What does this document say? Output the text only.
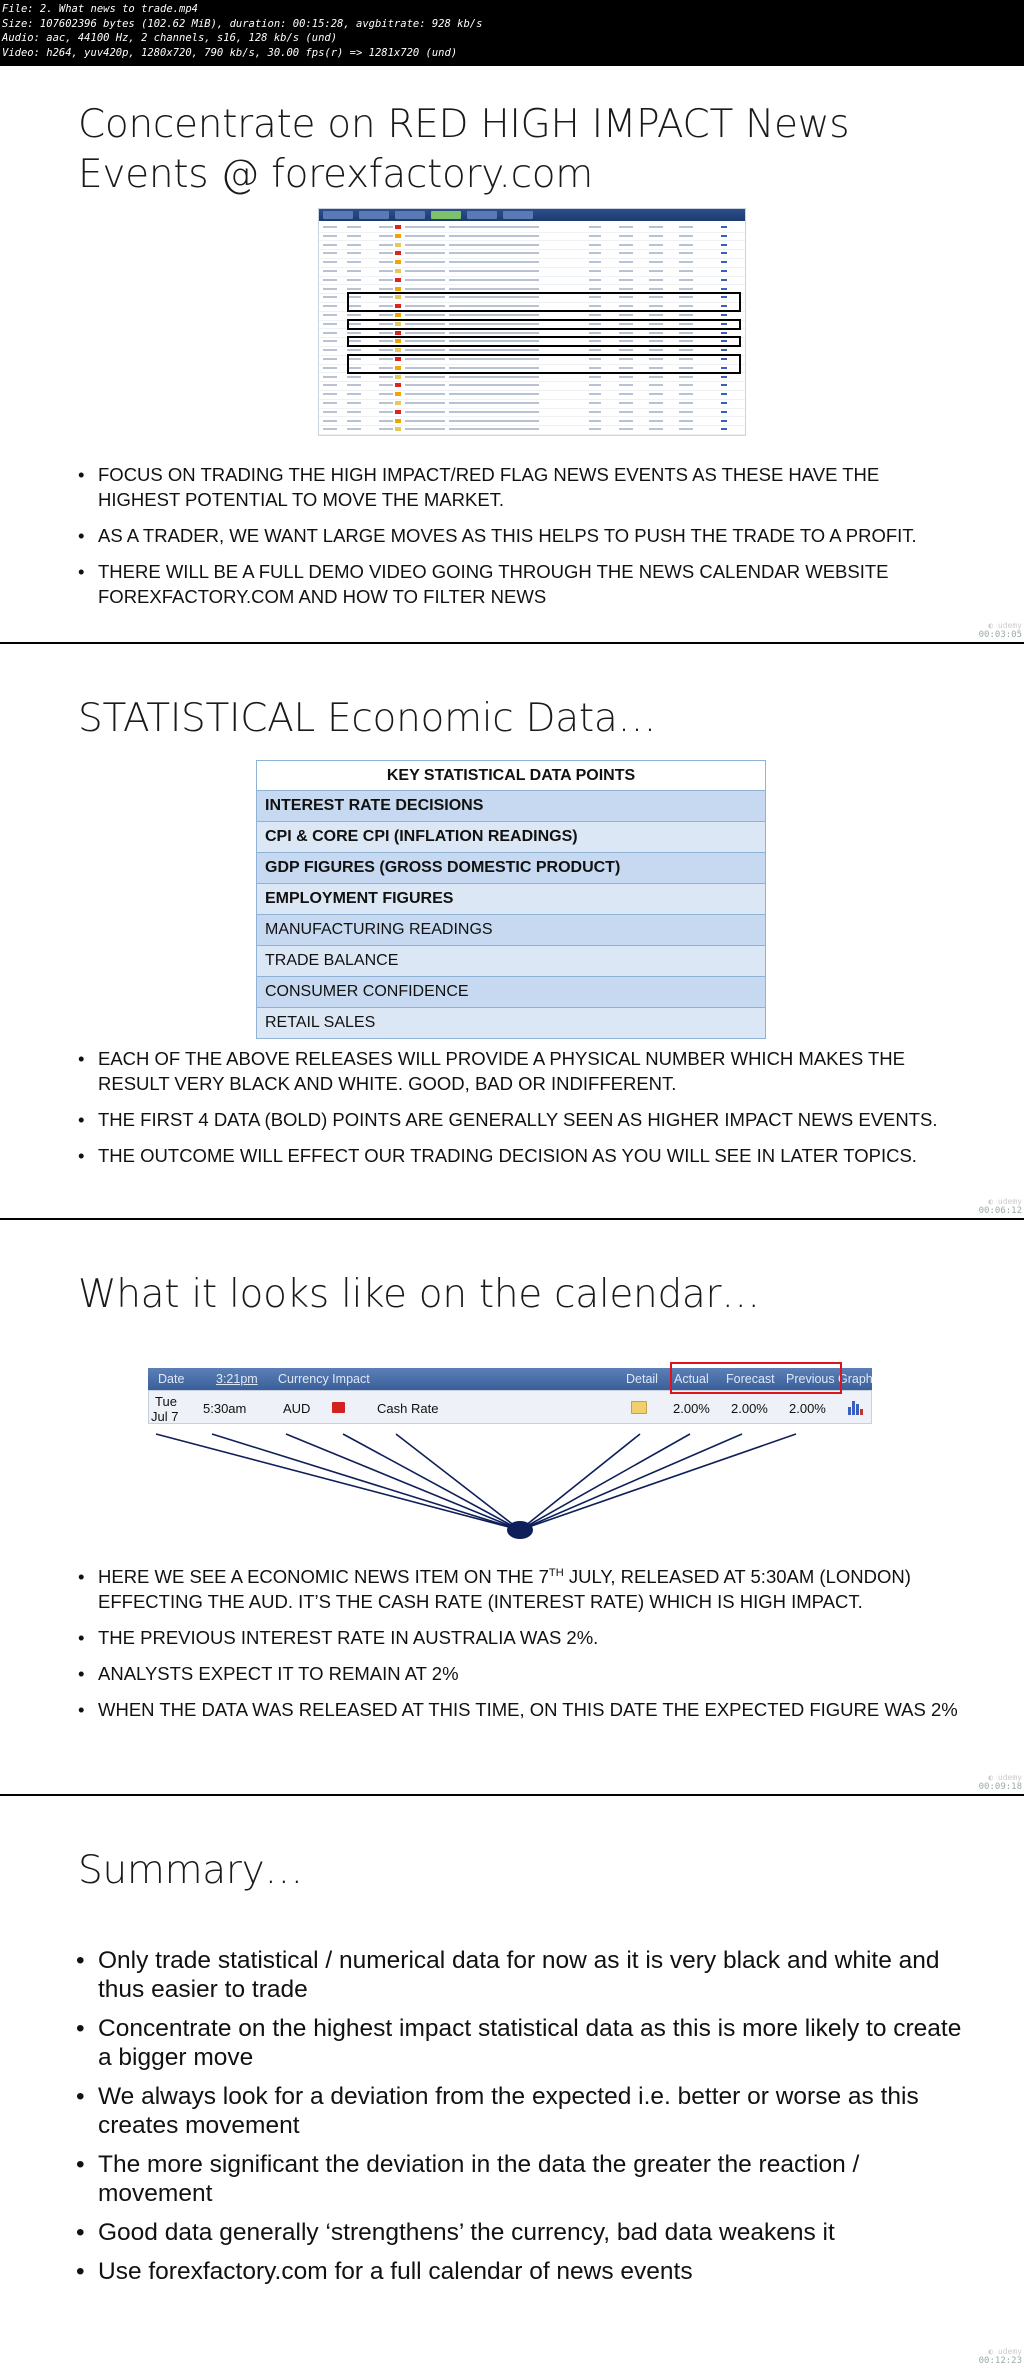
File: 2. What news to trade.mp4
Size: 107602396 bytes (102.62 MiB), duration: 00:15:28, avgbitrate: 928 kb/s
Audio: aac, 44100 Hz, 2 channels, s16, 128 kb/s (und)
Video: h264, yuv420p, 1280x720, 790 kb/s, 30.00 fps(r) => 1281x720 (und)
Concentrate on RED HIGH IMPACT News
Events @ forexfactory.com
• FOCUS ON TRADING THE HIGH IMPACT/RED FLAG NEWS EVENTS AS THESE HAVE THE HIGHEST POTENTIAL TO MOVE THE MARKET.
• AS A TRADER, WE WANT LARGE MOVES AS THIS HELPS TO PUSH THE TRADE TO A PROFIT.
• THERE WILL BE A FULL DEMO VIDEO GOING THROUGH THE NEWS CALENDAR WEBSITE FOREXFACTORY.COM AND HOW TO FILTER NEWS
◐ udemy
00:03:05
STATISTICAL Economic Data…
KEY STATISTICAL DATA POINTS
INTEREST RATE DECISIONS
CPI & CORE CPI (INFLATION READINGS)
GDP FIGURES (GROSS DOMESTIC PRODUCT)
EMPLOYMENT FIGURES
MANUFACTURING READINGS
TRADE BALANCE
CONSUMER CONFIDENCE
RETAIL SALES
• EACH OF THE ABOVE RELEASES WILL PROVIDE A PHYSICAL NUMBER WHICH MAKES THE RESULT VERY BLACK AND WHITE. GOOD, BAD OR INDIFFERENT.
• THE FIRST 4 DATA (BOLD) POINTS ARE GENERALLY SEEN AS HIGHER IMPACT NEWS EVENTS.
• THE OUTCOME WILL EFFECT OUR TRADING DECISION AS YOU WILL SEE IN LATER TOPICS.
◐ udemy
00:06:12
What it looks like on the calendar…
Date	3:21pm Currency Impact	Detail Actual Forecast Previous Graph
Tue
Jul 7
5:30am	AUD	Cash Rate	2.00% 2.00% 2.00%
• HERE WE SEE A ECONOMIC NEWS ITEM ON THE 7TH JULY, RELEASED AT 5:30AM (LONDON) EFFECTING THE AUD. IT’S THE CASH RATE (INTEREST RATE) WHICH IS HIGH IMPACT.
• THE PREVIOUS INTEREST RATE IN AUSTRALIA WAS 2%.
• ANALYSTS EXPECT IT TO REMAIN AT 2%
• WHEN THE DATA WAS RELEASED AT THIS TIME, ON THIS DATE THE EXPECTED FIGURE WAS 2%
◐ udemy
00:09:18
Summary…
• Only trade statistical / numerical data for now as it is very black and white and thus easier to trade
• Concentrate on the highest impact statistical data as this is more likely to create a bigger move
• We always look for a deviation from the expected i.e. better or worse as this creates movement
• The more significant the deviation in the data the greater the reaction / movement
• Good data generally ‘strengthens’ the currency, bad data weakens it
• Use forexfactory.com for a full calendar of news events
◐ udemy
00:12:23
